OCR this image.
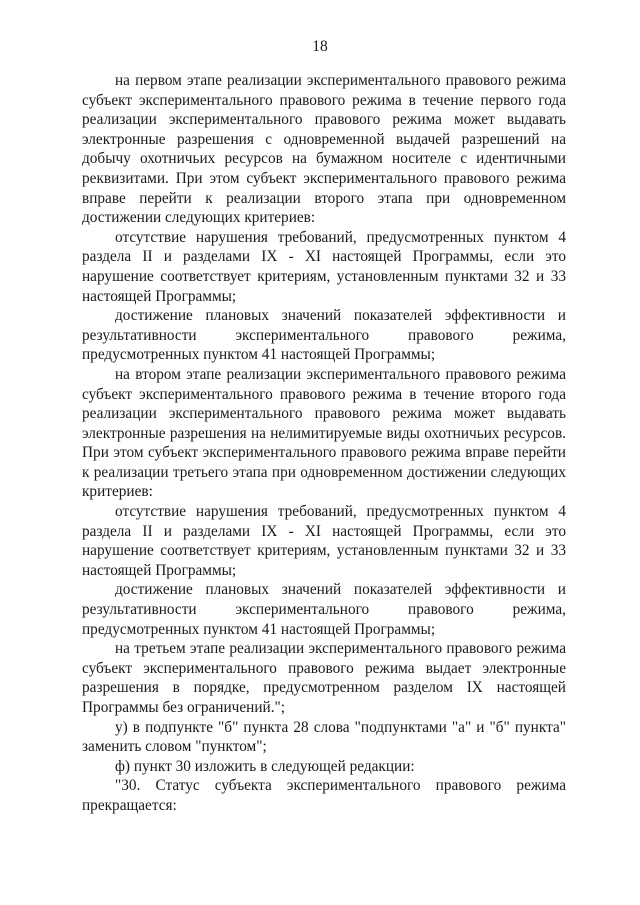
18

на первом этапе реализации экспериментального правового режима субъект экспериментального правового режима в течение первого года реализации экспериментального правового режима может выдавать электронные разрешения с одновременной выдачей разрешений на добычу охотничьих ресурсов на бумажном носителе с идентичными реквизитами. При этом субъект экспериментального правового режима вправе перейти к реализации второго этапа при одновременном достижении следующих критериев:

отсутствие нарушения требований, предусмотренных пунктом 4 раздела II и разделами IX - XI настоящей Программы, если это нарушение соответствует критериям, установленным пунктами 32 и 33 настоящей Программы;

достижение плановых значений показателей эффективности и результативности экспериментального правового режима, предусмотренных пунктом 41 настоящей Программы;

на втором этапе реализации экспериментального правового режима субъект экспериментального правового режима в течение второго года реализации экспериментального правового режима может выдавать электронные разрешения на нелимитируемые виды охотничьих ресурсов. При этом субъект экспериментального правового режима вправе перейти к реализации третьего этапа при одновременном достижении следующих критериев:

отсутствие нарушения требований, предусмотренных пунктом 4 раздела II и разделами IX - XI настоящей Программы, если это нарушение соответствует критериям, установленным пунктами 32 и 33 настоящей Программы;

достижение плановых значений показателей эффективности и результативности экспериментального правового режима, предусмотренных пунктом 41 настоящей Программы;

на третьем этапе реализации экспериментального правового режима субъект экспериментального правового режима выдает электронные разрешения в порядке, предусмотренном разделом IX настоящей Программы без ограничений.";

у) в подпункте "б" пункта 28 слова "подпунктами "а" и "б" пункта" заменить словом "пунктом";

ф) пункт 30 изложить в следующей редакции:

"30. Статус субъекта экспериментального правового режима прекращается:
